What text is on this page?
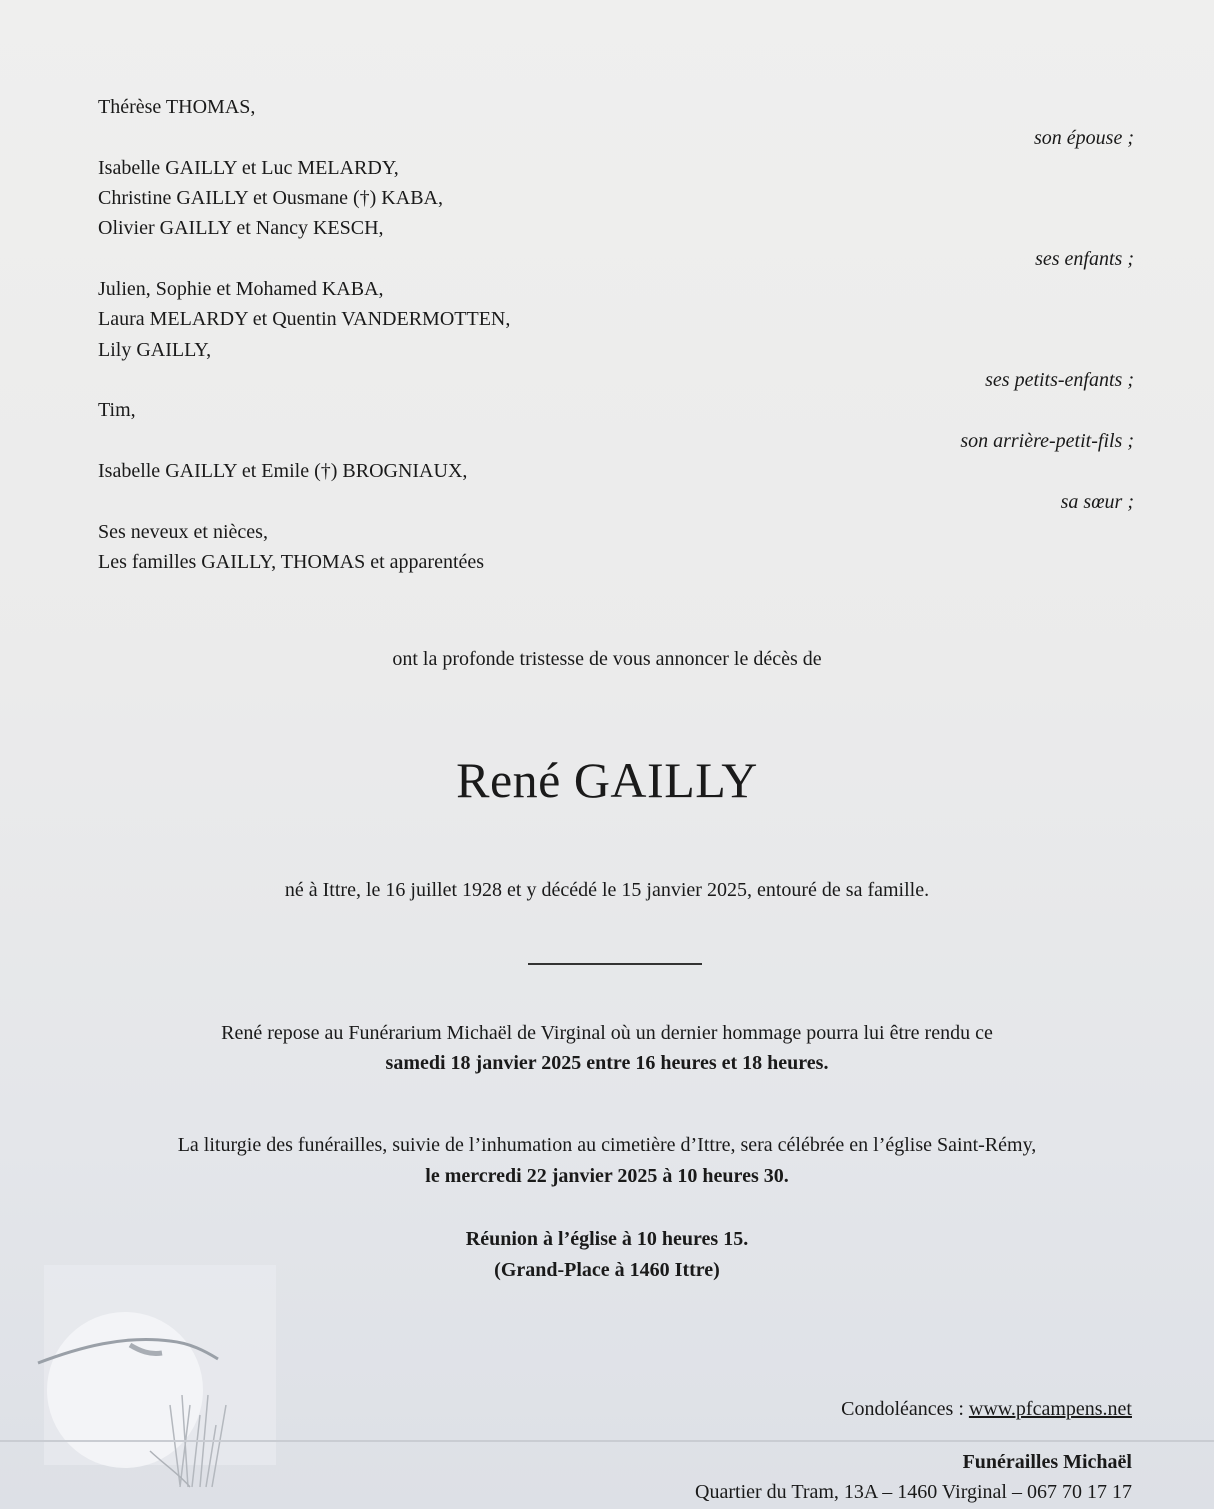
Thérèse THOMAS,
son épouse ;
Isabelle GAILLY et Luc MELARDY,
Christine GAILLY et Ousmane (†) KABA,
Olivier GAILLY et Nancy KESCH,
ses enfants ;
Julien, Sophie et Mohamed KABA,
Laura MELARDY et Quentin VANDERMOTTEN,
Lily GAILLY,
ses petits-enfants ;
Tim,
son arrière-petit-fils ;
Isabelle GAILLY et Emile (†) BROGNIAUX,
sa sœur ;
Ses neveux et nièces,
Les familles GAILLY, THOMAS et apparentées
ont la profonde tristesse de vous annoncer le décès de
René GAILLY
né à Ittre, le 16 juillet 1928 et y décédé le 15 janvier 2025, entouré de sa famille.
René repose au Funérarium Michaël de Virginal où un dernier hommage pourra lui être rendu ce
samedi 18 janvier 2025 entre 16 heures et 18 heures.
La liturgie des funérailles, suivie de l’inhumation au cimetière d’Ittre, sera célébrée en l’église Saint-Rémy,
le mercredi 22 janvier 2025 à 10 heures 30.
Réunion à l’église à 10 heures 15.
(Grand-Place à 1460 Ittre)
Condoléances : www.pfcampens.net
Funérailles Michaël
Quartier du Tram, 13A – 1460 Virginal – 067 70 17 17
